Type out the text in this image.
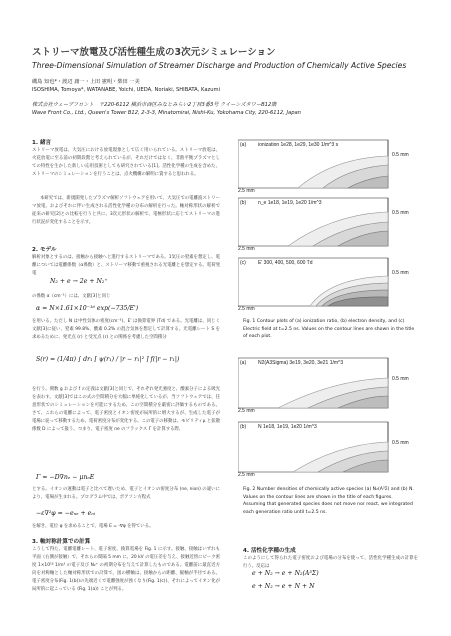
ストリーマ放電及び活性種生成の3次元シミュレーション
Three-Dimensional Simulation of Streamer Discharge and Production of Chemically Active Species
磯島 知也*・渡辺 庸一・上田 憲明・柴田 一美
ISOSHIMA, Tomoya*, WATANABE, Yoichi, UEDA, Noriaki, SHIBATA, Kazumi
株式会社ウェーブフロント　〒220-6112 横浜市西区みなとみらい2丁目3番3号 クイーンズタワーB12階
Wave Front Co., Ltd., Queen's Tower B12, 2-3-3, Minatomirai, Nishi-Ku, Yokohama City, 220-6112, Japan
1. 緒言
ストリーマ放電は、大気圧における放電現象として広く用いられている。ストリーマ放電は、火花放電に至る前の初期段階と考えられているが、それだけではなく、非熱平衡プラズマとしての特性を生かした新しい応用技術としても研究されている[1]。活性化学種の生成を含めた、ストリーマのシミュレーションを行うことは、点火機構の解明に資すると思われる。
本研究では、新規開発したプラズマ解析ソフトウェアを用いて、大気圧での電離波ストリーマ放電、およびそれに伴い生成される活性化学種の分布の解析を行った。軸対称形状の解析で従来の研究[2]との比較を行うと共に、3次元形状の解析で、電極形状に応じてストリーマの進行状況が変化することを示す。
2. モデル
解析対象とするのは、接触から接触へと進行するストリーマである。1気圧の窒素を想定し、電離については電離係数（α係数）と、ストリーマ移動で重視される光電離とを想定する。電荷発電
N₂ + e → 2e + N₂⁺
の係数 α（cm⁻¹）には、文献[3]と同じ
α = N×1.61×10⁻¹⁶ exp(−735/E')
を用いる。ただし N は中性気体の密度(cm⁻³)、E' は換算電界 (Td) である。光電離は、同じく文献[3]に従い、窒素 99.8%、酸素 0.2% の混合気体を想定して計算する。光電離レート S を求めるために、発光点 (r) と受光点 (r) との関係を考慮した空間積分
S(r) = (1/4π) ∫ dr₁ [ ψ(r₁) / |r − r₁|² ] f(|r − r₁|)
を行う。関数 g および f の定義は文献[3]と同じで、それぞれ発光強度と、酸素分子による吸光を表わす。文献[3]ではこの式の空間積分を大幅に単純化しているが、当ソフトウェアでは、任意形状でのシミュレーションを可能にするため、この空間積分を厳密に評価するものである。さて、これらの電離によって、電子密度とイオン密度が局所的に増大するが、生成した電子が電場に従って移動するため、電荷密度分布が変化する。この電子の移動は、モビリティμ と拡散係数 D によって扱う。つまり、電子密度 ne のフラックス Γ を計算する際、
Γ = −D∇nₑ − μnₑE
とする。イオンの運動は電子と比べて遅いため、電子とイオンの密度分布 (ne, nion) の違いにより、電場が生まれる。プログラム中では、ポアソン方程式
−ε∇²φ = −eₙₑ + eₙᵢ
を解き、電位 φ を求めることで、電場 E = -∇φ を得ている。
3. 軸対称計算での計算
こうして得た、電離電離レート、電子密度、換算電場を Fig. 1 に示す。接触、接触はいずれも平面（右側が接触）で、それらの間隔 5 mm に、20 kV の電圧差を与え、接触近傍にピーク密度 1×10¹⁶ 1/m³ の電子及び N₂⁺ の初期分布を与えて計算したものである。電離前に最直近方向を対称軸とした軸対称形状での計算で、図の横軸は、接触からの距離、縦軸が半径である。電子密度分布(Fig. 1(b))の先端近くで電離強度が強くなり(Fig. 1(c))、それによってイオン化が局所的に起こっている (Fig. 1(a)) ことが判る。
(a) ionization 1e28, 1e29, 1e30 1/m^3 s
0.5 mm
2.5 mm
(b) n_e 1e18, 1e19, 1e20 1/m^3
0.5 mm
2.5 mm
(c) E' 300, 400, 500, 600 Td
0.5 mm
2.5 mm
Fig. 1 Contour plots of (a) ionization ratio, (b) electron density, and (c) Electric field at t=2.5 ns. Values on the contour lines are shown in the title of each plot.
(a) N2(A3Sigma) 3e19, 3e20, 3e21 1/m^3
0.5 mm
2.5 mm
(b) N 1e18, 1e19, 1e20 1/m^3
0.5 mm
2.5 mm
Fig. 2 Number densities of chemically active species (a) N₂(A³Σ) and (b) N. Values on the contour lines are shown in the title of each figures. Assuming that generated species does not move nor react, we integrated each generation ratio until t=2.5 ns.
4. 活性化学種の生成
このようにして得られた電子密度および電場の分布を使って、活性化学種生成の計算を行う。反応は
e + N₂ → e + N₂(A³Σ)
e + N₂ → e + N + N
